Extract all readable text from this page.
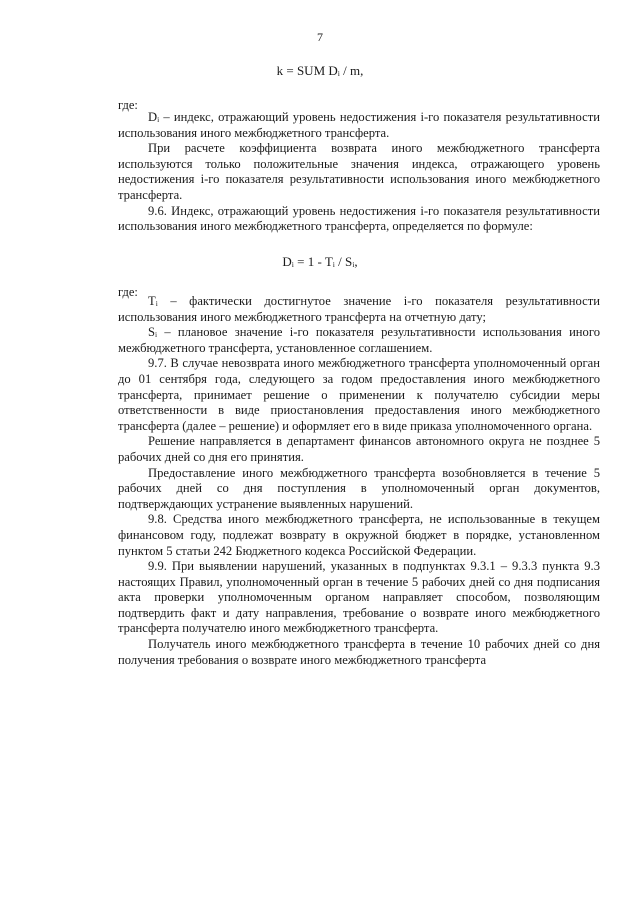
7
k = SUM Dᵢ / m,
где:

Dᵢ – индекс, отражающий уровень недостижения i-го показателя результативности использования иного межбюджетного трансферта.

При расчете коэффициента возврата иного межбюджетного трансферта используются только положительные значения индекса, отражающего уровень недостижения i-го показателя результативности использования иного межбюджетного трансферта.

9.6. Индекс, отражающий уровень недостижения i-го показателя результативности использования иного межбюджетного трансферта, определяется по формуле:

Dᵢ = 1 - Tᵢ / Sᵢ,
где:

Tᵢ – фактически достигнутое значение i-го показателя результативности использования иного межбюджетного трансферта на отчетную дату;

Sᵢ – плановое значение i-го показателя результативности использования иного межбюджетного трансферта, установленное соглашением.

9.7. В случае невозврата иного межбюджетного трансферта уполномоченный орган до 01 сентября года, следующего за годом предоставления иного межбюджетного трансферта, принимает решение о применении к получателю субсидии меры ответственности в виде приостановления предоставления иного межбюджетного трансферта (далее – решение) и оформляет его в виде приказа уполномоченного органа.

Решение направляется в департамент финансов автономного округа не позднее 5 рабочих дней со дня его принятия.

Предоставление иного межбюджетного трансферта возобновляется в течение 5 рабочих дней со дня поступления в уполномоченный орган документов, подтверждающих устранение выявленных нарушений.

9.8. Средства иного межбюджетного трансферта, не использованные в текущем финансовом году, подлежат возврату в окружной бюджет в порядке, установленном пунктом 5 статьи 242 Бюджетного кодекса Российской Федерации.

9.9. При выявлении нарушений, указанных в подпунктах 9.3.1 – 9.3.3 пункта 9.3 настоящих Правил, уполномоченный орган в течение 5 рабочих дней со дня подписания акта проверки уполномоченным органом направляет способом, позволяющим подтвердить факт и дату направления, требование о возврате иного межбюджетного трансферта получателю иного межбюджетного трансферта.

Получатель иного межбюджетного трансферта в течение 10 рабочих дней со дня получения требования о возврате иного межбюджетного трансферта
